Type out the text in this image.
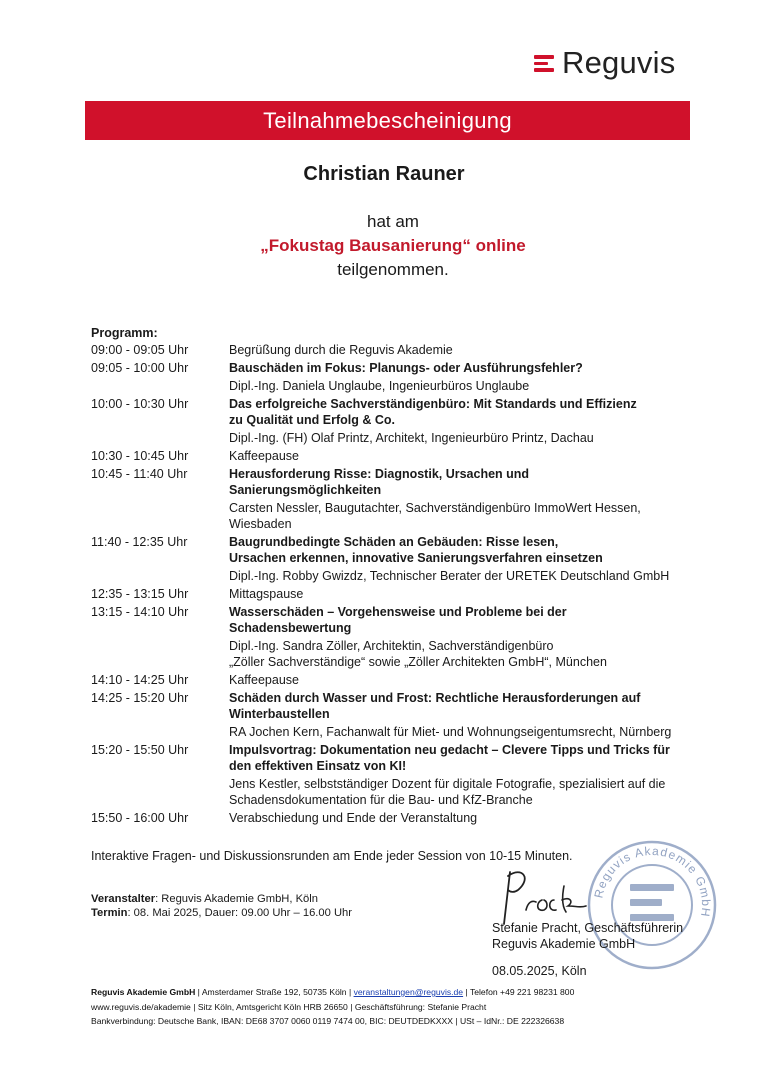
Reguvis
Teilnahmebescheinigung
Christian Rauner
hat am
„Fokustag Bausanierung“ online
teilgenommen.
Programm:
09:00 - 09:05 Uhr	Begrüßung durch die Reguvis Akademie
09:05 - 10:00 Uhr	Bauschäden im Fokus: Planungs- oder Ausführungsfehler?
Dipl.-Ing. Daniela Unglaube, Ingenieurbüros Unglaube
10:00 - 10:30 Uhr	Das erfolgreiche Sachverständigenbüro: Mit Standards und Effizienz
zu Qualität und Erfolg & Co.
Dipl.-Ing. (FH) Olaf Printz, Architekt, Ingenieurbüro Printz, Dachau
10:30 - 10:45 Uhr	Kaffeepause
10:45 - 11:40 Uhr	Herausforderung Risse: Diagnostik, Ursachen und
Sanierungsmöglichkeiten
Carsten Nessler, Baugutachter, Sachverständigenbüro ImmoWert Hessen,
Wiesbaden
11:40 - 12:35 Uhr	Baugrundbedingte Schäden an Gebäuden: Risse lesen,
Ursachen erkennen, innovative Sanierungsverfahren einsetzen
Dipl.-Ing. Robby Gwizdz, Technischer Berater der URETEK Deutschland GmbH
12:35 - 13:15 Uhr	Mittagspause
13:15 - 14:10 Uhr	Wasserschäden – Vorgehensweise und Probleme bei der
Schadensbewertung
Dipl.-Ing. Sandra Zöller, Architektin, Sachverständigenbüro
„Zöller Sachverständige“ sowie „Zöller Architekten GmbH“, München
14:10 - 14:25 Uhr	Kaffeepause
14:25 - 15:20 Uhr	Schäden durch Wasser und Frost: Rechtliche Herausforderungen auf
Winterbaustellen
RA Jochen Kern, Fachanwalt für Miet- und Wohnungseigentumsrecht, Nürnberg
15:20 - 15:50 Uhr	Impulsvortrag: Dokumentation neu gedacht – Clevere Tipps und Tricks für
den effektiven Einsatz von KI!
Jens Kestler, selbstständiger Dozent für digitale Fotografie, spezialisiert auf die
Schadensdokumentation für die Bau- und KfZ-Branche
15:50 - 16:00 Uhr	Verabschiedung und Ende der Veranstaltung
Interaktive Fragen- und Diskussionsrunden am Ende jeder Session von 10-15 Minuten.
Veranstalter: Reguvis Akademie GmbH, Köln
Termin: 08. Mai 2025, Dauer: 09.00 Uhr – 16.00 Uhr
Reguvis Akademie GmbH
Stefanie Pracht, Geschäftsführerin
Reguvis Akademie GmbH
08.05.2025, Köln
Reguvis Akademie GmbH | Amsterdamer Straße 192, 50735 Köln | veranstaltungen@reguvis.de | Telefon +49 221 98231 800
www.reguvis.de/akademie | Sitz Köln, Amtsgericht Köln HRB 26650 | Geschäftsführung: Stefanie Pracht
Bankverbindung: Deutsche Bank, IBAN: DE68 3707 0060 0119 7474 00, BIC: DEUTDEDKXXX | USt – IdNr.: DE 222326638
